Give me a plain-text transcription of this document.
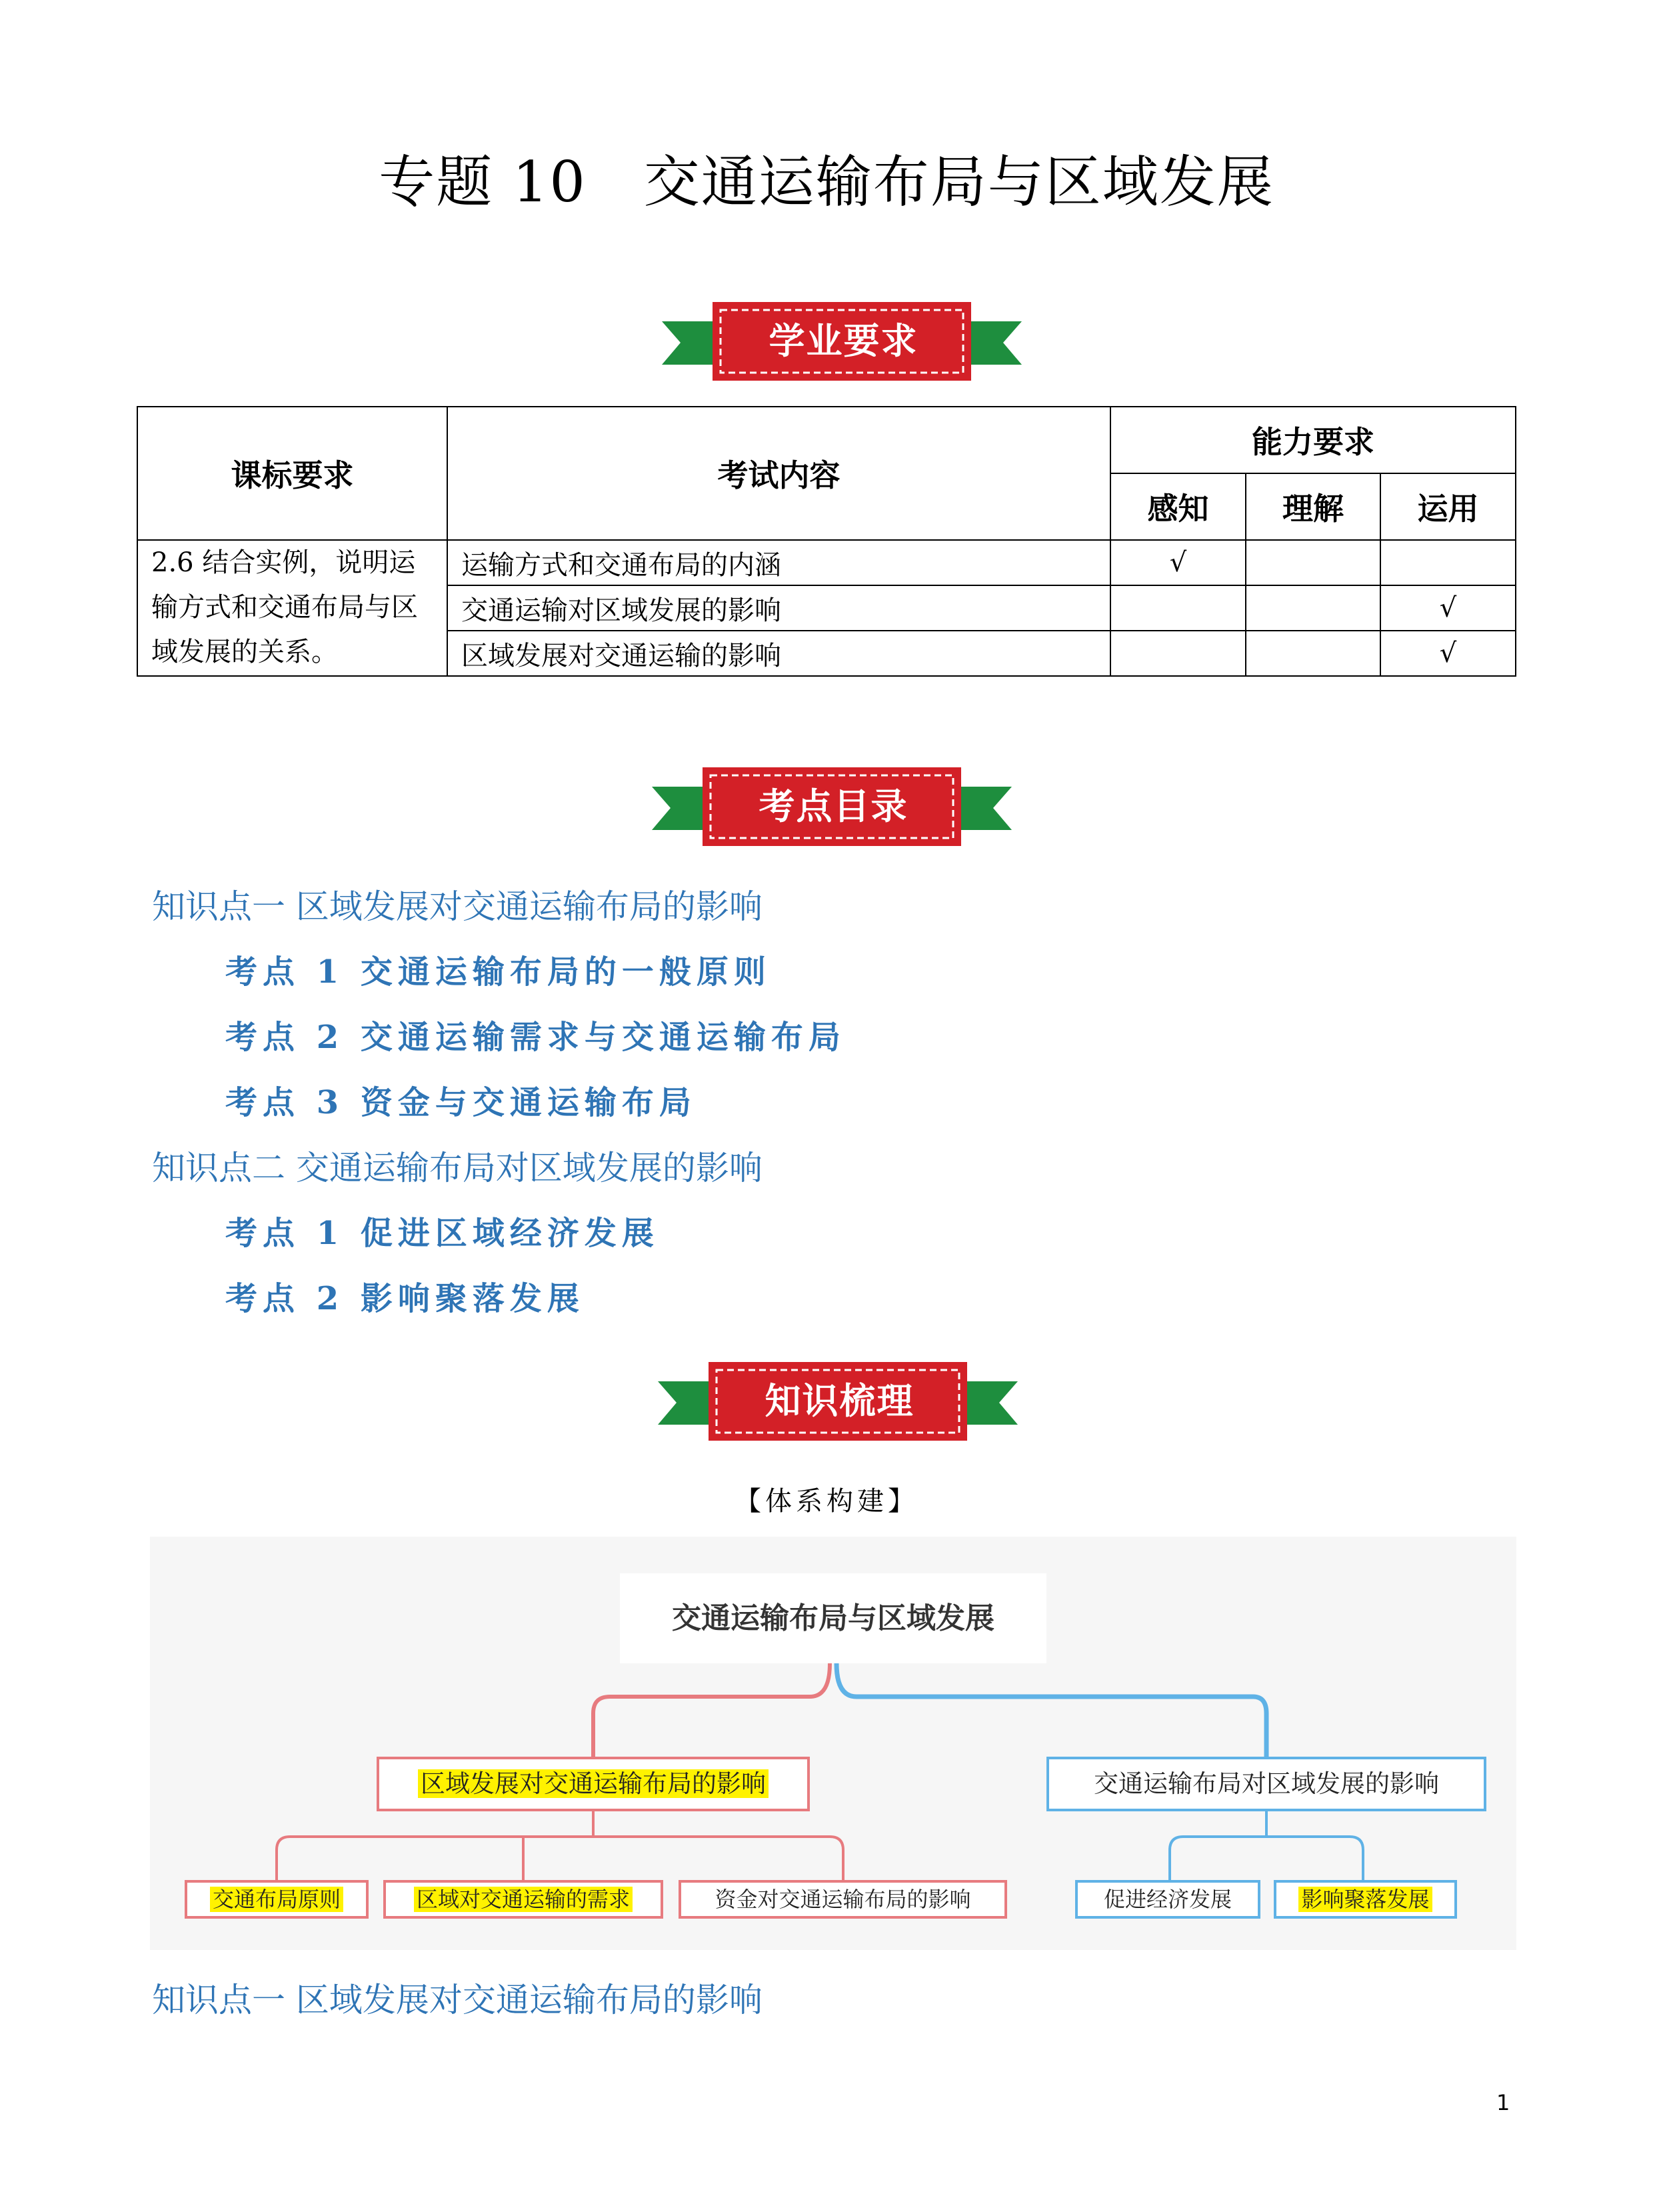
专题 10　交通运输布局与区域发展
学业要求
课标要求	考试内容	能力要求		
		感知	理解	运用
2.6 结合实例，说明运输方式和交通布局与区域发展的关系。	运输方式和交通布局的内涵	√		
	交通运输对区域发展的影响			√
	区域发展对交通运输的影响			√
考点目录
知识点一 区域发展对交通运输布局的影响
考点 1 交通运输布局的一般原则
考点 2 交通运输需求与交通运输布局
考点 3 资金与交通运输布局
知识点二 交通运输布局对区域发展的影响
考点 1 促进区域经济发展
考点 2 影响聚落发展
知识梳理
【体系构建】
交通运输布局与区域发展
区域发展对交通运输布局的影响	交通运输布局对区域发展的影响
交通布局原则	区域对交通运输的需求	资金对交通运输布局的影响	促进经济发展	影响聚落发展
知识点一 区域发展对交通运输布局的影响
1
